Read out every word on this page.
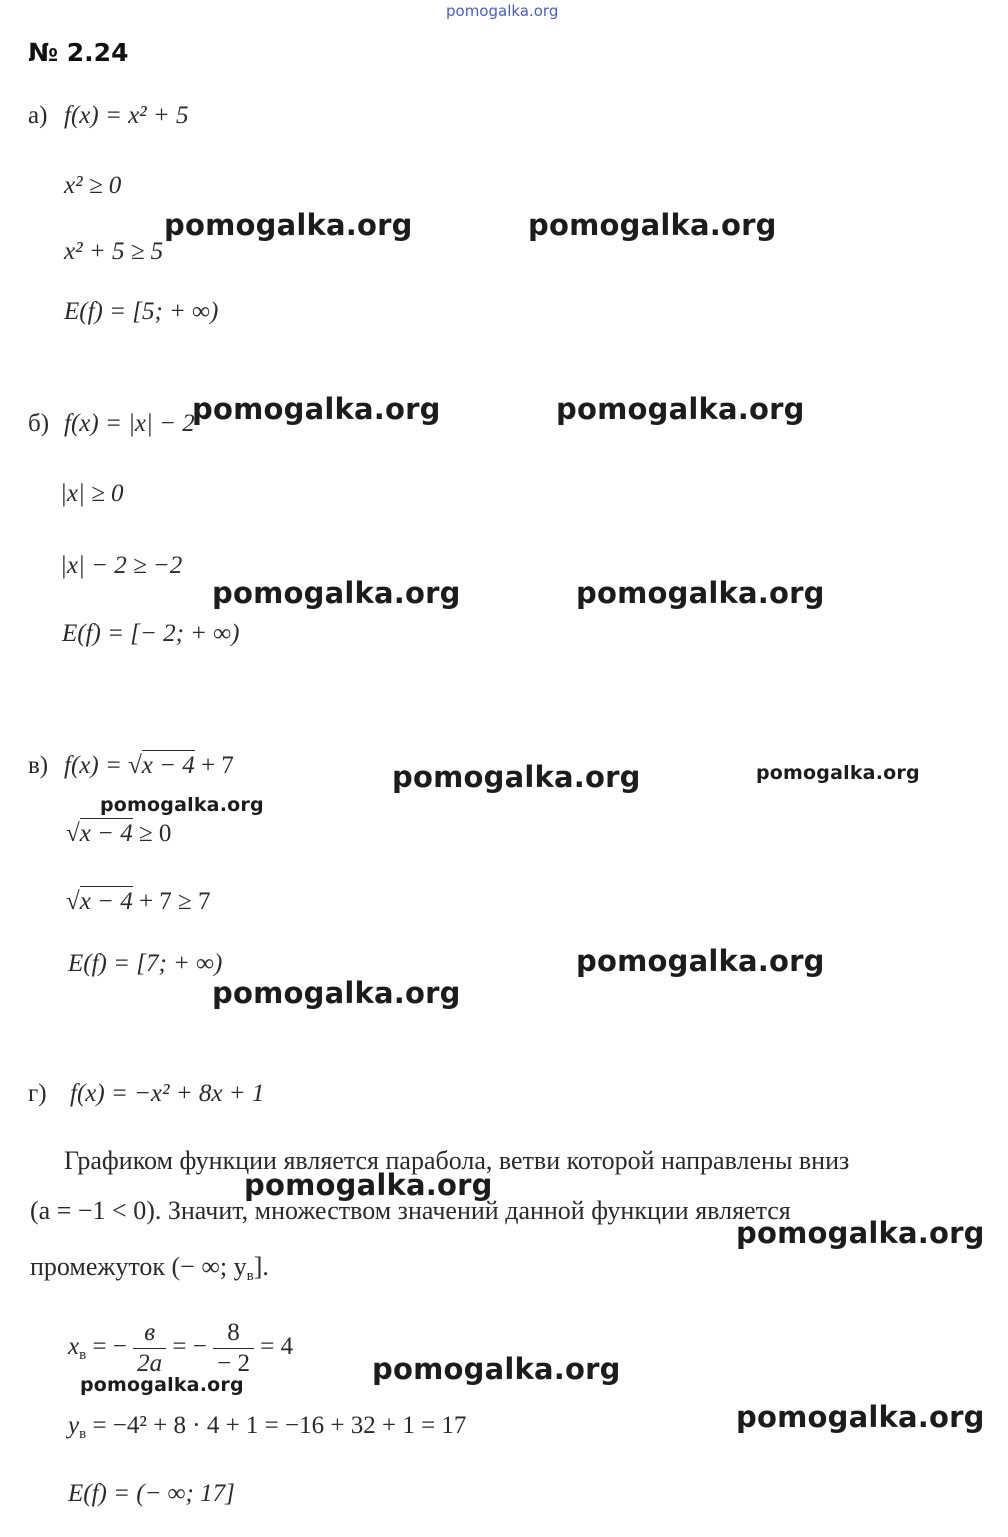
pomogalka.org
№ 2.24
а) f(x) = x² + 5
x² ≥ 0
x² + 5 ≥ 5
E(f) = [5; + ∞)
б) f(x) = |x| − 2
|x| ≥ 0
|x| − 2 ≥ −2
E(f) = [− 2; + ∞)
в) f(x) = √x − 4 + 7
√x − 4 ≥ 0
√x − 4 + 7 ≥ 7
E(f) = [7; + ∞)
г) f(x) = −x² + 8x + 1
Графиком функции является парабола, ветви которой направлены вниз
(a = −1 < 0). Значит, множеством значений данной функции является
промежуток (− ∞; $y_в$].
$x_в$ = − $\frac{в}{2a}$ = − $\frac{8}{- 2} = 4$
$y_в = -4^2 + 8 \cdot 4 + 1 = -16 + 32 + 1 = 17$
E(f) = (− ∞; 17]
pomogalka.org	pomogalka.org
pomogalka.org	pomogalka.org
pomogalka.org	pomogalka.org
pomogalka.org	pomogalka.org
pomogalka.org
pomogalka.org
pomogalka.org
pomogalka.org
pomogalka.org
pomogalka.org
pomogalka.org
pomogalka.org
